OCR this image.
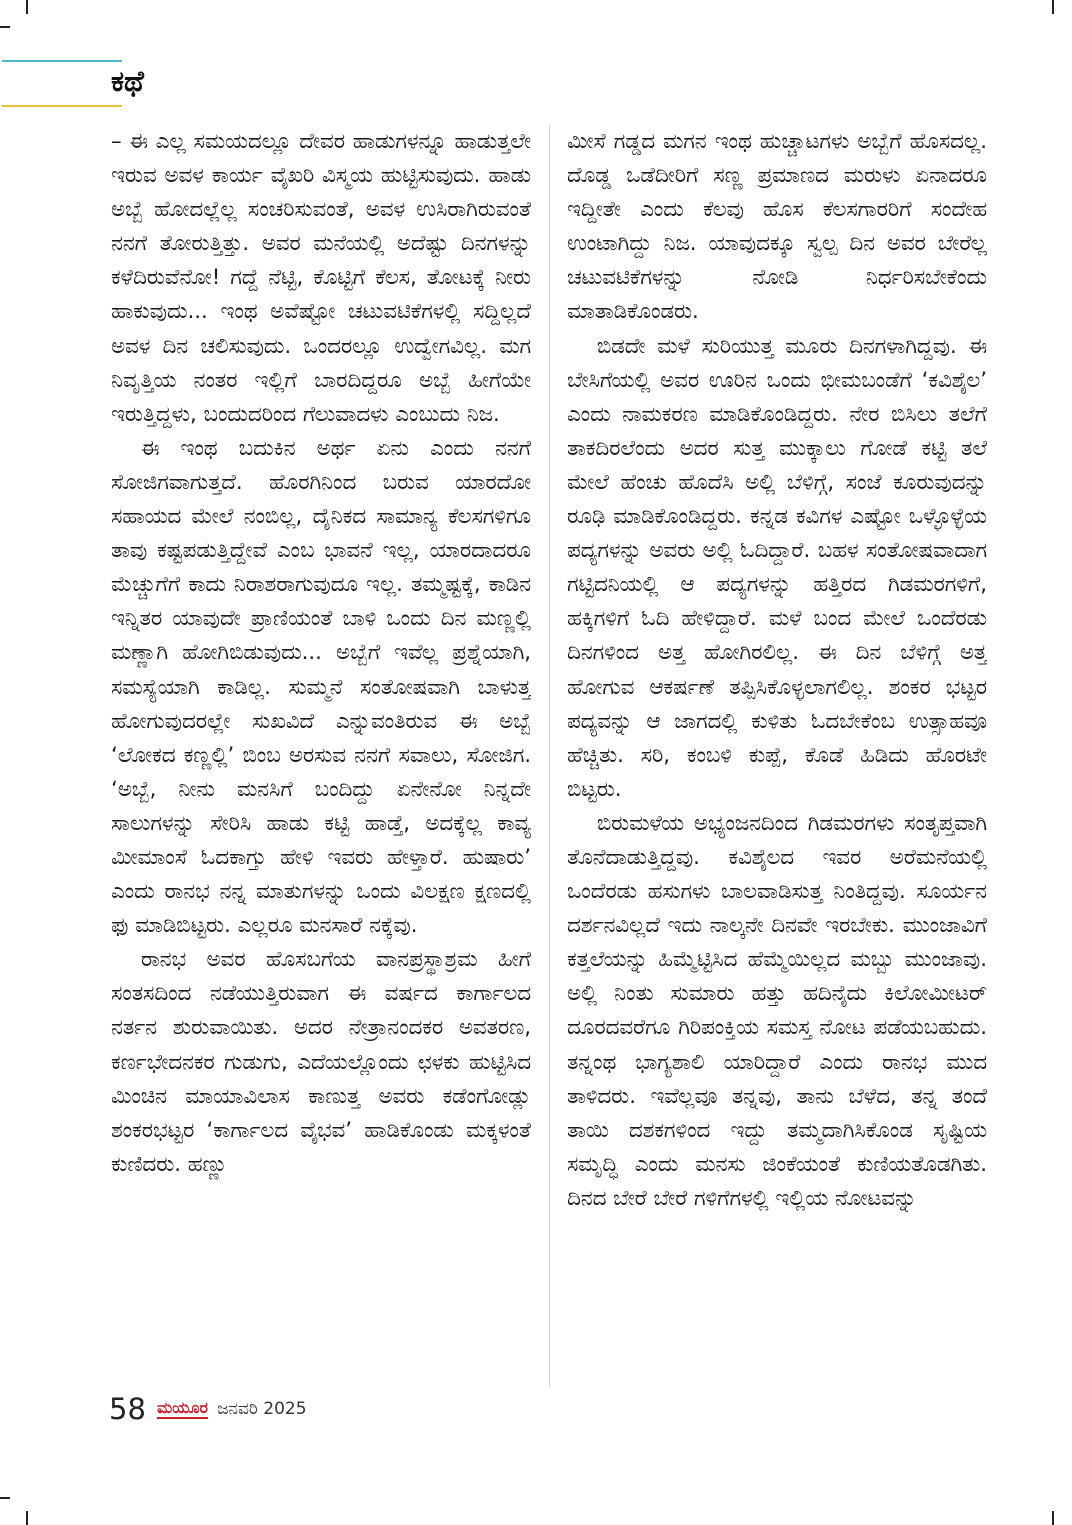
ಕಥೆ

– ಈ ಎಲ್ಲ ಸಮಯದಲ್ಲೂ ದೇವರ ಹಾಡುಗಳನ್ನೂ ಹಾಡುತ್ತಲೇ ಇರುವ ಅವಳ ಕಾರ್ಯ ವೈಖರಿ ವಿಸ್ಮಯ ಹುಟ್ಟಿಸುವುದು. ಹಾಡು ಅಬ್ಬೆ ಹೋದಲ್ಲೆಲ್ಲ ಸಂಚರಿಸುವಂತೆ, ಅವಳ ಉಸಿರಾಗಿರುವಂತೆ ನನಗೆ ತೋರುತ್ತಿತ್ತು. ಅವರ ಮನೆಯಲ್ಲಿ ಅದೆಷ್ಟು ದಿನಗಳನ್ನು ಕಳೆದಿರುವೆನೋ! ಗದ್ದೆ ನೆಟ್ಟಿ, ಕೊಟ್ಟಿಗೆ ಕೆಲಸ, ತೋಟಕ್ಕೆ ನೀರು ಹಾಕುವುದು... ಇಂಥ ಅವೆಷ್ಟೋ ಚಟುವಟಿಕೆಗಳಲ್ಲಿ ಸದ್ದಿಲ್ಲದೆ ಅವಳ ದಿನ ಚಲಿಸುವುದು. ಒಂದರಲ್ಲೂ ಉದ್ವೇಗವಿಲ್ಲ. ಮಗ ನಿವೃತ್ತಿಯ ನಂತರ ಇಲ್ಲಿಗೆ ಬಾರದಿದ್ದರೂ ಅಬ್ಬೆ ಹೀಗೆಯೇ ಇರುತ್ತಿದ್ದಳು, ಬಂದುದರಿಂದ ಗೆಲುವಾದಳು ಎಂಬುದು ನಿಜ.

ಈ ಇಂಥ ಬದುಕಿನ ಅರ್ಥ ಏನು ಎಂದು ನನಗೆ ಸೋಜಿಗವಾಗುತ್ತದೆ. ಹೊರಗಿನಿಂದ ಬರುವ ಯಾರದೋ ಸಹಾಯದ ಮೇಲೆ ನಂಬಿಲ್ಲ, ದೈನಿಕದ ಸಾಮಾನ್ಯ ಕೆಲಸಗಳಿಗೂ ತಾವು ಕಷ್ಟಪಡುತ್ತಿದ್ದೇವೆ ಎಂಬ ಭಾವನೆ ಇಲ್ಲ, ಯಾರದಾದರೂ ಮೆಚ್ಚುಗೆಗೆ ಕಾದು ನಿರಾಶರಾಗುವುದೂ ಇಲ್ಲ. ತಮ್ಮಷ್ಟಕ್ಕೆ, ಕಾಡಿನ ಇನ್ನಿತರ ಯಾವುದೇ ಪ್ರಾಣಿಯಂತೆ ಬಾಳಿ ಒಂದು ದಿನ ಮಣ್ಣಲ್ಲಿ ಮಣ್ಣಾಗಿ ಹೋಗಿಬಿಡುವುದು... ಅಬ್ಬೆಗೆ ಇವೆಲ್ಲ ಪ್ರಶ್ನೆಯಾಗಿ, ಸಮಸ್ಯೆಯಾಗಿ ಕಾಡಿಲ್ಲ. ಸುಮ್ಮನೆ ಸಂತೋಷವಾಗಿ ಬಾಳುತ್ತ ಹೋಗುವುದರಲ್ಲೇ ಸುಖವಿದೆ ಎನ್ನುವಂತಿರುವ ಈ ಅಬ್ಬೆ ‘ಲೋಕದ ಕಣ್ಣಲ್ಲಿ’ ಬಿಂಬ ಅರಸುವ ನನಗೆ ಸವಾಲು, ಸೋಜಿಗ. ‘ಅಬ್ಬೆ, ನೀನು ಮನಸಿಗೆ ಬಂದಿದ್ದು ಏನೇನೋ ನಿನ್ನದೇ ಸಾಲುಗಳನ್ನು ಸೇರಿಸಿ ಹಾಡು ಕಟ್ಟಿ ಹಾಡ್ತೆ, ಅದಕ್ಕೆಲ್ಲ ಕಾವ್ಯ ಮೀಮಾಂಸೆ ಓದಕಾಗ್ತು ಹೇಳಿ ಇವರು ಹೇಳ್ತಾರೆ. ಹುಷಾರು’ ಎಂದು ರಾನಭ ನನ್ನ ಮಾತುಗಳನ್ನು ಒಂದು ವಿಲಕ್ಷಣ ಕ್ಷಣದಲ್ಲಿ ಫು ಮಾಡಿಬಿಟ್ಟರು. ಎಲ್ಲರೂ ಮನಸಾರೆ ನಕ್ಕೆವು.

ರಾನಭ ಅವರ ಹೊಸಬಗೆಯ ವಾನಪ್ರಸ್ಥಾಶ್ರಮ ಹೀಗೆ ಸಂತಸದಿಂದ ನಡೆಯುತ್ತಿರುವಾಗ ಈ ವರ್ಷದ ಕಾರ್ಗಾಲದ ನರ್ತನ ಶುರುವಾಯಿತು. ಅದರ ನೇತ್ರಾನಂದಕರ ಅವತರಣ, ಕರ್ಣಭೇದನಕರ ಗುಡುಗು, ಎದೆಯಲ್ಲೊಂದು ಛಳಕು ಹುಟ್ಟಿಸಿದ ಮಿಂಚಿನ ಮಾಯಾವಿಲಾಸ ಕಾಣುತ್ತ ಅವರು ಕಡೆಂಗೋಡ್ಲು ಶಂಕರಭಟ್ಟರ ‘ಕಾರ್ಗಾಲದ ವೈಭವ’ ಹಾಡಿಕೊಂಡು ಮಕ್ಕಳಂತೆ ಕುಣಿದರು. ಹಣ್ಣು

ಮೀಸೆ ಗಡ್ಡದ ಮಗನ ಇಂಥ ಹುಚ್ಚಾಟಗಳು ಅಬ್ಬೆಗೆ ಹೊಸದಲ್ಲ. ದೊಡ್ಡ ಒಡೆದೀರಿಗೆ ಸಣ್ಣ ಪ್ರಮಾಣದ ಮರುಳು ಏನಾದರೂ ಇದ್ದೀತೇ ಎಂದು ಕೆಲವು ಹೊಸ ಕೆಲಸಗಾರರಿಗೆ ಸಂದೇಹ ಉಂಟಾಗಿದ್ದು ನಿಜ. ಯಾವುದಕ್ಕೂ ಸ್ವಲ್ಪ ದಿನ ಅವರ ಬೇರೆಲ್ಲ ಚಟುವಟಿಕೆಗಳನ್ನು ನೋಡಿ ನಿರ್ಧರಿಸಬೇಕೆಂದು ಮಾತಾಡಿಕೊಂಡರು.

ಬಿಡದೇ ಮಳೆ ಸುರಿಯುತ್ತ ಮೂರು ದಿನಗಳಾಗಿದ್ದವು. ಈ ಬೇಸಿಗೆಯಲ್ಲಿ ಅವರ ಊರಿನ ಒಂದು ಭೀಮಬಂಡೆಗೆ ‘ಕವಿಶೈಲ’ ಎಂದು ನಾಮಕರಣ ಮಾಡಿಕೊಂಡಿದ್ದರು. ನೇರ ಬಿಸಿಲು ತಲೆಗೆ ತಾಕದಿರಲೆಂದು ಅದರ ಸುತ್ತ ಮುಕ್ಕಾಲು ಗೋಡೆ ಕಟ್ಟಿ ತಲೆ ಮೇಲೆ ಹೆಂಚು ಹೊದೆಸಿ ಅಲ್ಲಿ ಬೆಳಿಗ್ಗೆ, ಸಂಜೆ ಕೂರುವುದನ್ನು ರೂಢಿ ಮಾಡಿಕೊಂಡಿದ್ದರು. ಕನ್ನಡ ಕವಿಗಳ ಎಷ್ಟೋ ಒಳ್ಳೊಳ್ಳೆಯ ಪದ್ಯಗಳನ್ನು ಅವರು ಅಲ್ಲಿ ಓದಿದ್ದಾರೆ. ಬಹಳ ಸಂತೋಷವಾದಾಗ ಗಟ್ಟಿದನಿಯಲ್ಲಿ ಆ ಪದ್ಯಗಳನ್ನು ಹತ್ತಿರದ ಗಿಡಮರಗಳಿಗೆ, ಹಕ್ಕಿಗಳಿಗೆ ಓದಿ ಹೇಳಿದ್ದಾರೆ. ಮಳೆ ಬಂದ ಮೇಲೆ ಒಂದೆರಡು ದಿನಗಳಿಂದ ಅತ್ತ ಹೋಗಿರಲಿಲ್ಲ. ಈ ದಿನ ಬೆಳಿಗ್ಗೆ ಅತ್ತ ಹೋಗುವ ಆಕರ್ಷಣೆ ತಪ್ಪಿಸಿಕೊಳ್ಳಲಾಗಲಿಲ್ಲ. ಶಂಕರ ಭಟ್ಟರ ಪದ್ಯವನ್ನು ಆ ಜಾಗದಲ್ಲಿ ಕುಳಿತು ಓದಬೇಕೆಂಬ ಉತ್ಸಾಹವೂ ಹೆಚ್ಚಿತು. ಸರಿ, ಕಂಬಳಿ ಕುಪ್ಪೆ, ಕೊಡೆ ಹಿಡಿದು ಹೊರಟೇ ಬಿಟ್ಟರು.

ಬಿರುಮಳೆಯ ಅಭ್ಯಂಜನದಿಂದ ಗಿಡಮರಗಳು ಸಂತೃಪ್ತವಾಗಿ ತೊನೆದಾಡುತ್ತಿದ್ದವು. ಕವಿಶೈಲದ ಇವರ ಅರೆಮನೆಯಲ್ಲಿ ಒಂದೆರಡು ಹಸುಗಳು ಬಾಲವಾಡಿಸುತ್ತ ನಿಂತಿದ್ದವು. ಸೂರ್ಯನ ದರ್ಶನವಿಲ್ಲದೆ ಇದು ನಾಲ್ಕನೇ ದಿನವೇ ಇರಬೇಕು. ಮುಂಜಾವಿಗೆ ಕತ್ತಲೆಯನ್ನು ಹಿಮ್ಮೆಟ್ಟಿಸಿದ ಹೆಮ್ಮೆಯಿಲ್ಲದ ಮಬ್ಬು ಮುಂಜಾವು. ಅಲ್ಲಿ ನಿಂತು ಸುಮಾರು ಹತ್ತು ಹದಿನೈದು ಕಿಲೋಮೀಟರ್ ದೂರದವರೆಗೂ ಗಿರಿಪಂಕ್ತಿಯ ಸಮಸ್ತ ನೋಟ ಪಡೆಯಬಹುದು. ತನ್ನಂಥ ಭಾಗ್ಯಶಾಲಿ ಯಾರಿದ್ದಾರೆ ಎಂದು ರಾನಭ ಮುದ ತಾಳಿದರು. ಇವೆಲ್ಲವೂ ತನ್ನವು, ತಾನು ಬೆಳೆದ, ತನ್ನ ತಂದೆ ತಾಯಿ ದಶಕಗಳಿಂದ ಇದ್ದು ತಮ್ಮದಾಗಿಸಿಕೊಂಡ ಸೃಷ್ಟಿಯ ಸಮೃದ್ಧಿ ಎಂದು ಮನಸು ಜಿಂಕೆಯಂತೆ ಕುಣಿಯತೊಡಗಿತು. ದಿನದ ಬೇರೆ ಬೇರೆ ಗಳಿಗೆಗಳಲ್ಲಿ ಇಲ್ಲಿಯ ನೋಟವನ್ನು

58 ಮಯೂರ ಜನವರಿ 2025
